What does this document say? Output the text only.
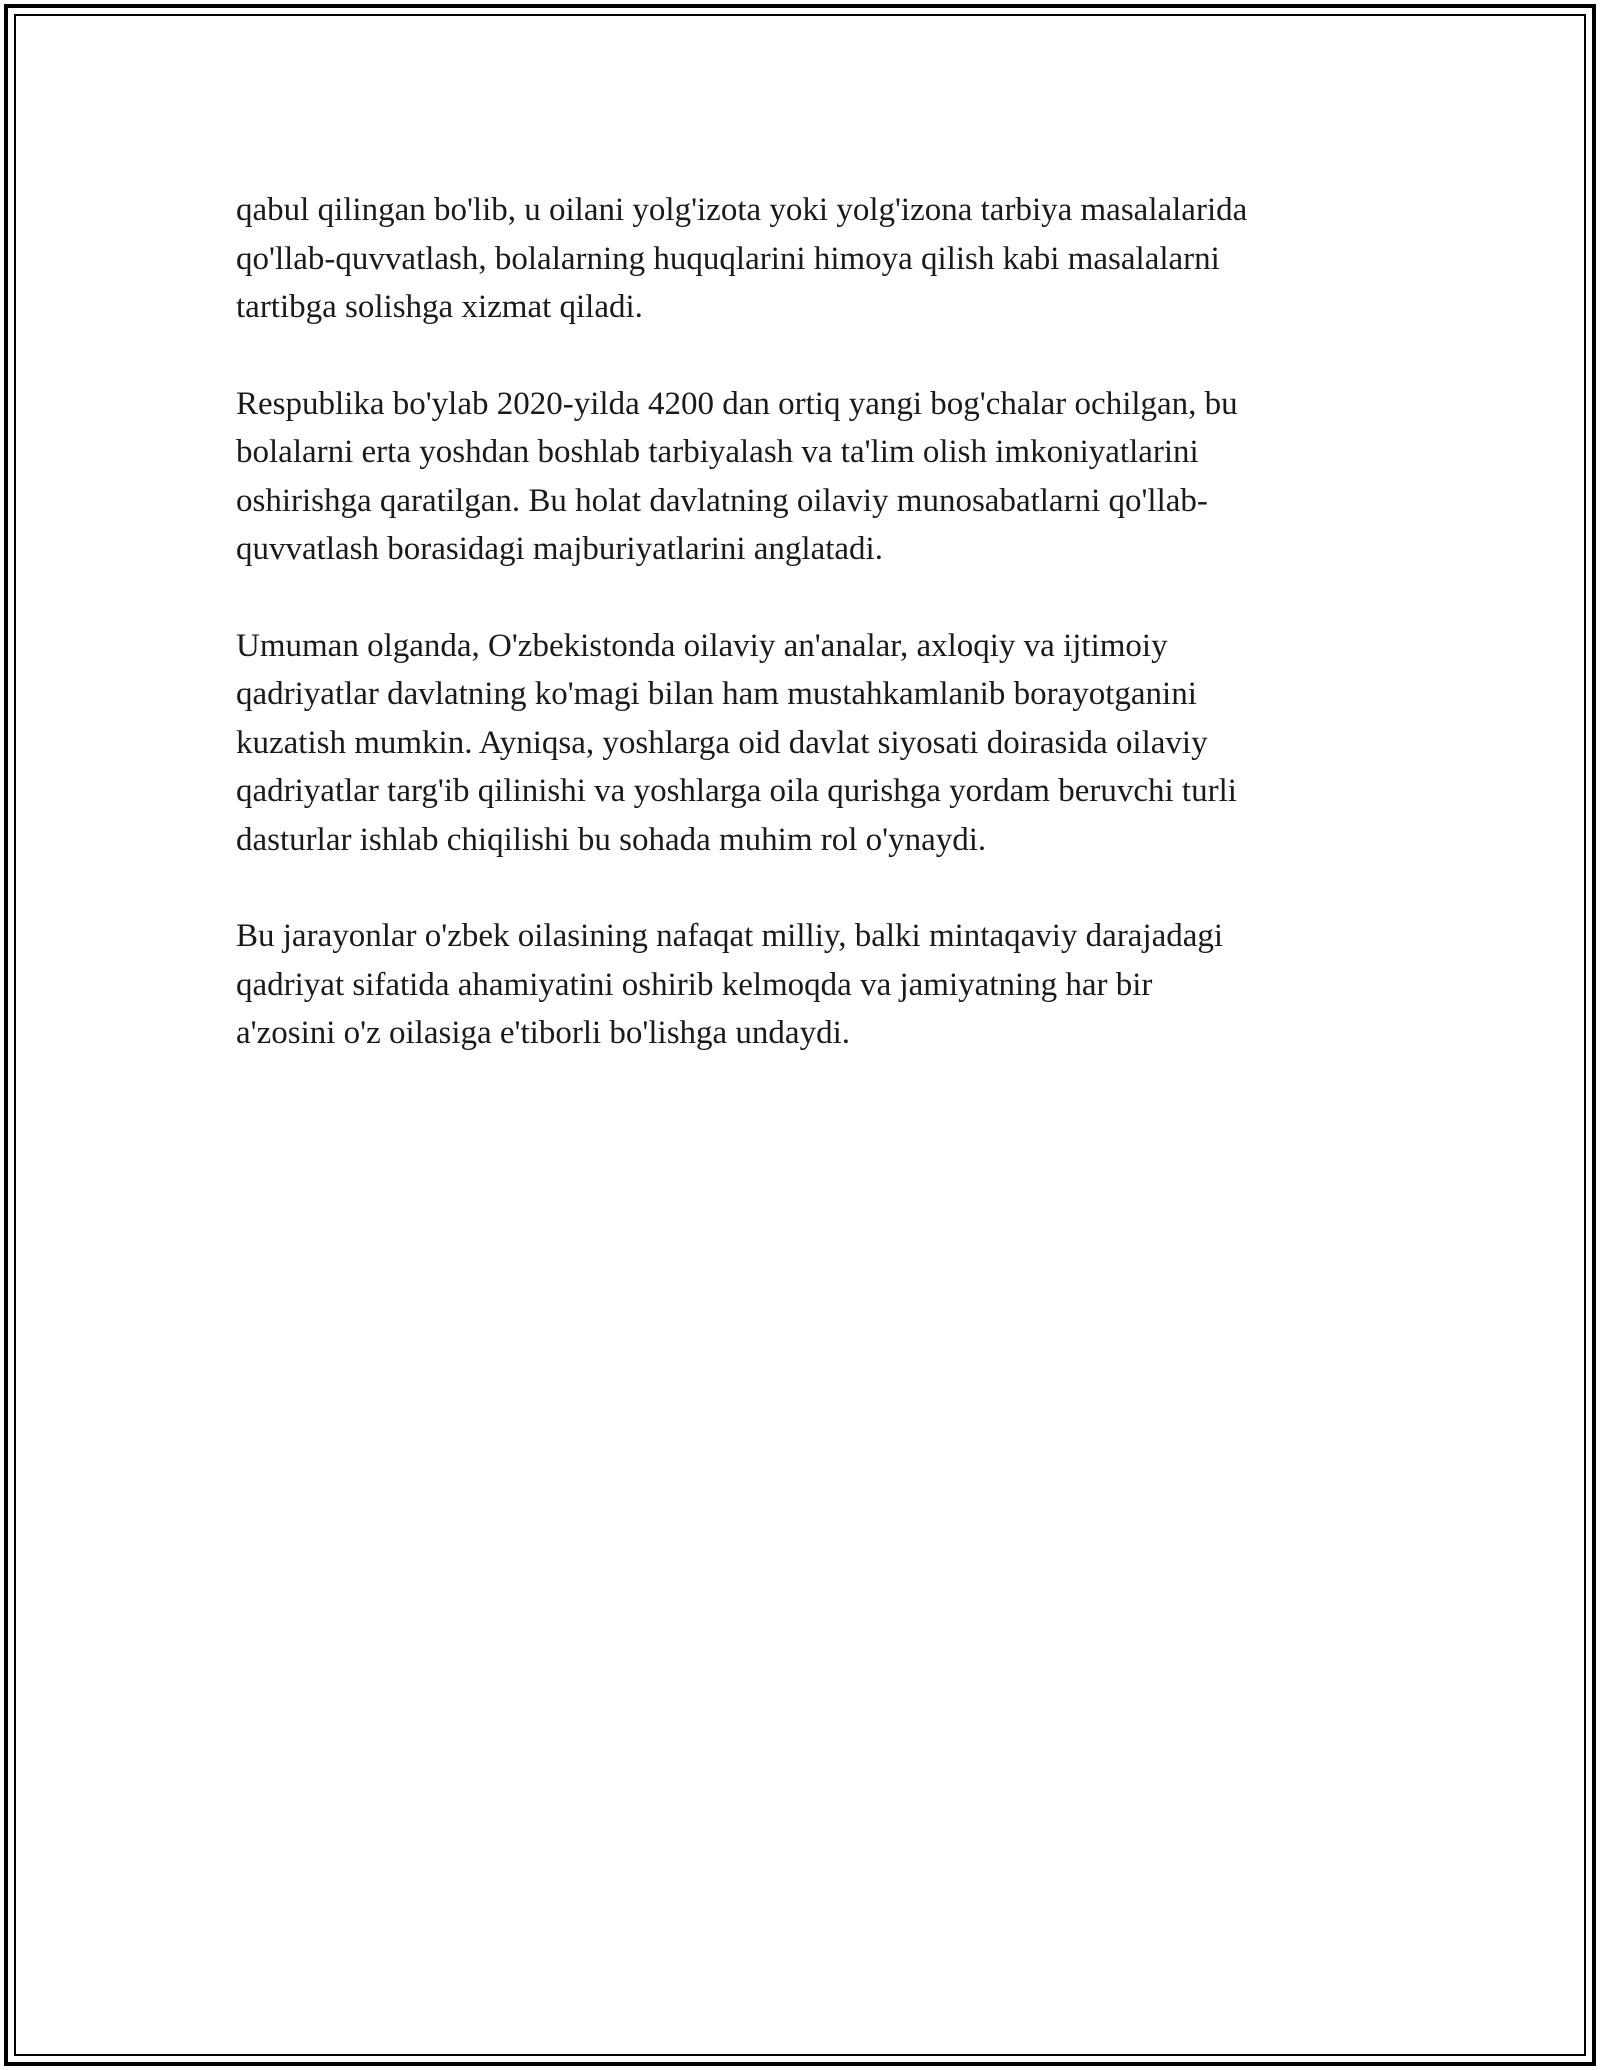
qabul qilingan bo'lib, u oilani yolg'izota yoki yolg'izona tarbiya masalalarida
qo'llab-quvvatlash, bolalarning huquqlarini himoya qilish kabi masalalarni
tartibga solishga xizmat qiladi.

Respublika bo'ylab 2020-yilda 4200 dan ortiq yangi bog'chalar ochilgan, bu
bolalarni erta yoshdan boshlab tarbiyalash va ta'lim olish imkoniyatlarini
oshirishga qaratilgan. Bu holat davlatning oilaviy munosabatlarni qo'llab-
quvvatlash borasidagi majburiyatlarini anglatadi.

Umuman olganda, O'zbekistonda oilaviy an'analar, axloqiy va ijtimoiy
qadriyatlar davlatning ko'magi bilan ham mustahkamlanib borayotganini
kuzatish mumkin. Ayniqsa, yoshlarga oid davlat siyosati doirasida oilaviy
qadriyatlar targ'ib qilinishi va yoshlarga oila qurishga yordam beruvchi turli
dasturlar ishlab chiqilishi bu sohada muhim rol o'ynaydi.

Bu jarayonlar o'zbek oilasining nafaqat milliy, balki mintaqaviy darajadagi
qadriyat sifatida ahamiyatini oshirib kelmoqda va jamiyatning har bir
a'zosini o'z oilasiga e'tiborli bo'lishga undaydi.
